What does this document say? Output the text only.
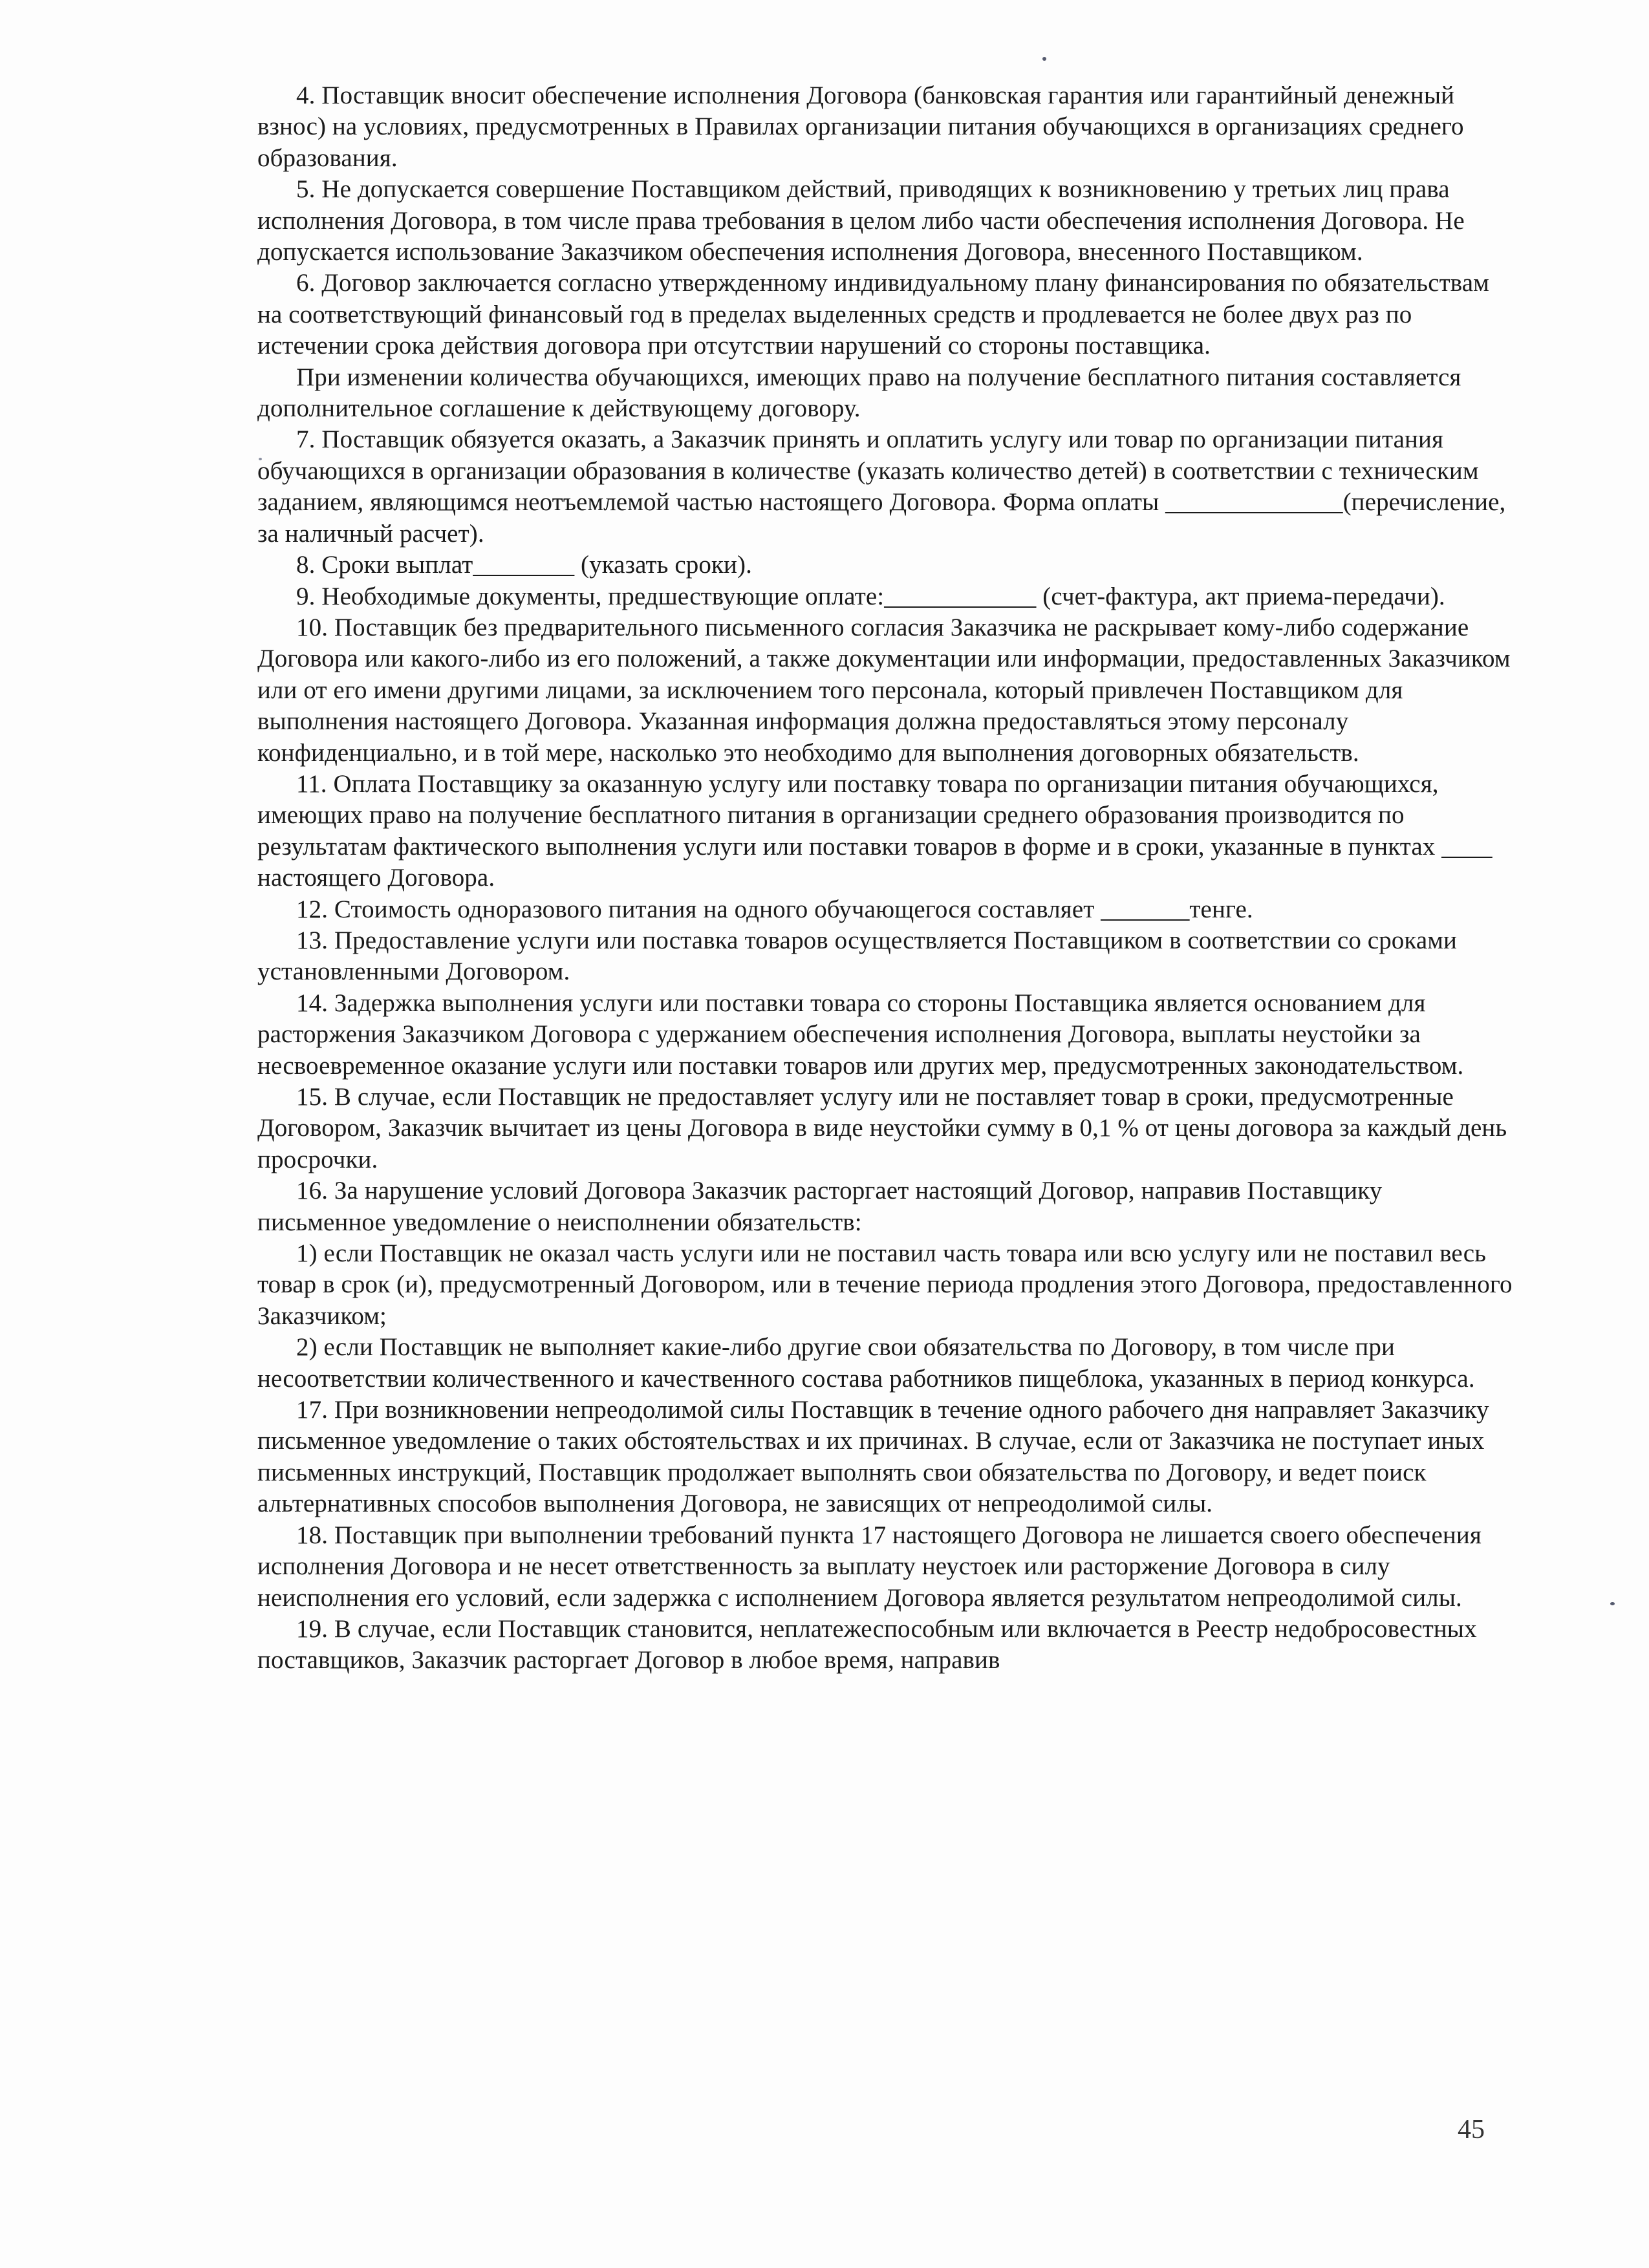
4. Поставщик вносит обеспечение исполнения Договора (банковская гарантия или гарантийный денежный взнос) на условиях, предусмотренных в Правилах организации питания обучающихся в организациях среднего образования.

5. Не допускается совершение Поставщиком действий, приводящих к возникновению у третьих лиц права исполнения Договора, в том числе права требования в целом либо части обеспечения исполнения Договора. Не допускается использование Заказчиком обеспечения исполнения Договора, внесенного Поставщиком.

6. Договор заключается согласно утвержденному индивидуальному плану финансирования по обязательствам на соответствующий финансовый год в пределах выделенных средств и продлевается не более двух раз по истечении срока действия договора при отсутствии нарушений со стороны поставщика.

При изменении количества обучающихся, имеющих право на получение бесплатного питания составляется дополнительное соглашение к действующему договору.

7. Поставщик обязуется оказать, а Заказчик принять и оплатить услугу или товар по организации питания обучающихся в организации образования в количестве (указать количество детей) в соответствии с техническим заданием, являющимся неотъемлемой частью настоящего Договора. Форма оплаты ______________(перечисление, за наличный расчет).

8. Сроки выплат________ (указать сроки).

9. Необходимые документы, предшествующие оплате:____________ (счет-фактура, акт приема-передачи).

10. Поставщик без предварительного письменного согласия Заказчика не раскрывает кому-либо содержание Договора или какого-либо из его положений, а также документации или информации, предоставленных Заказчиком или от его имени другими лицами, за исключением того персонала, который привлечен Поставщиком для выполнения настоящего Договора. Указанная информация должна предоставляться этому персоналу конфиденциально, и в той мере, насколько это необходимо для выполнения договорных обязательств.

11. Оплата Поставщику за оказанную услугу или поставку товара по организации питания обучающихся, имеющих право на получение бесплатного питания в организации среднего образования производится по результатам фактического выполнения услуги или поставки товаров в форме и в сроки, указанные в пунктах ____ настоящего Договора.

12. Стоимость одноразового питания на одного обучающегося составляет _______тенге.

13. Предоставление услуги или поставка товаров осуществляется Поставщиком в соответствии со сроками установленными Договором.

14. Задержка выполнения услуги или поставки товара со стороны Поставщика является основанием для расторжения Заказчиком Договора с удержанием обеспечения исполнения Договора, выплаты неустойки за несвоевременное оказание услуги или поставки товаров или других мер, предусмотренных законодательством.

15. В случае, если Поставщик не предоставляет услугу или не поставляет товар в сроки, предусмотренные Договором, Заказчик вычитает из цены Договора в виде неустойки сумму в 0,1 % от цены договора за каждый день просрочки.

16. За нарушение условий Договора Заказчик расторгает настоящий Договор, направив Поставщику письменное уведомление о неисполнении обязательств:

1) если Поставщик не оказал часть услуги или не поставил часть товара или всю услугу или не поставил весь товар в срок (и), предусмотренный Договором, или в течение периода продления этого Договора, предоставленного Заказчиком;

2) если Поставщик не выполняет какие-либо другие свои обязательства по Договору, в том числе при несоответствии количественного и качественного состава работников пищеблока, указанных в период конкурса.

17. При возникновении непреодолимой силы Поставщик в течение одного рабочего дня направляет Заказчику письменное уведомление о таких обстоятельствах и их причинах. В случае, если от Заказчика не поступает иных письменных инструкций, Поставщик продолжает выполнять свои обязательства по Договору, и ведет поиск альтернативных способов выполнения Договора, не зависящих от непреодолимой силы.

18. Поставщик при выполнении требований пункта 17 настоящего Договора не лишается своего обеспечения исполнения Договора и не несет ответственность за выплату неустоек или расторжение Договора в силу неисполнения его условий, если задержка с исполнением Договора является результатом непреодолимой силы.

19. В случае, если Поставщик становится, неплатежеспособным или включается в Реестр недобросовестных поставщиков, Заказчик расторгает Договор в любое время, направив

45
